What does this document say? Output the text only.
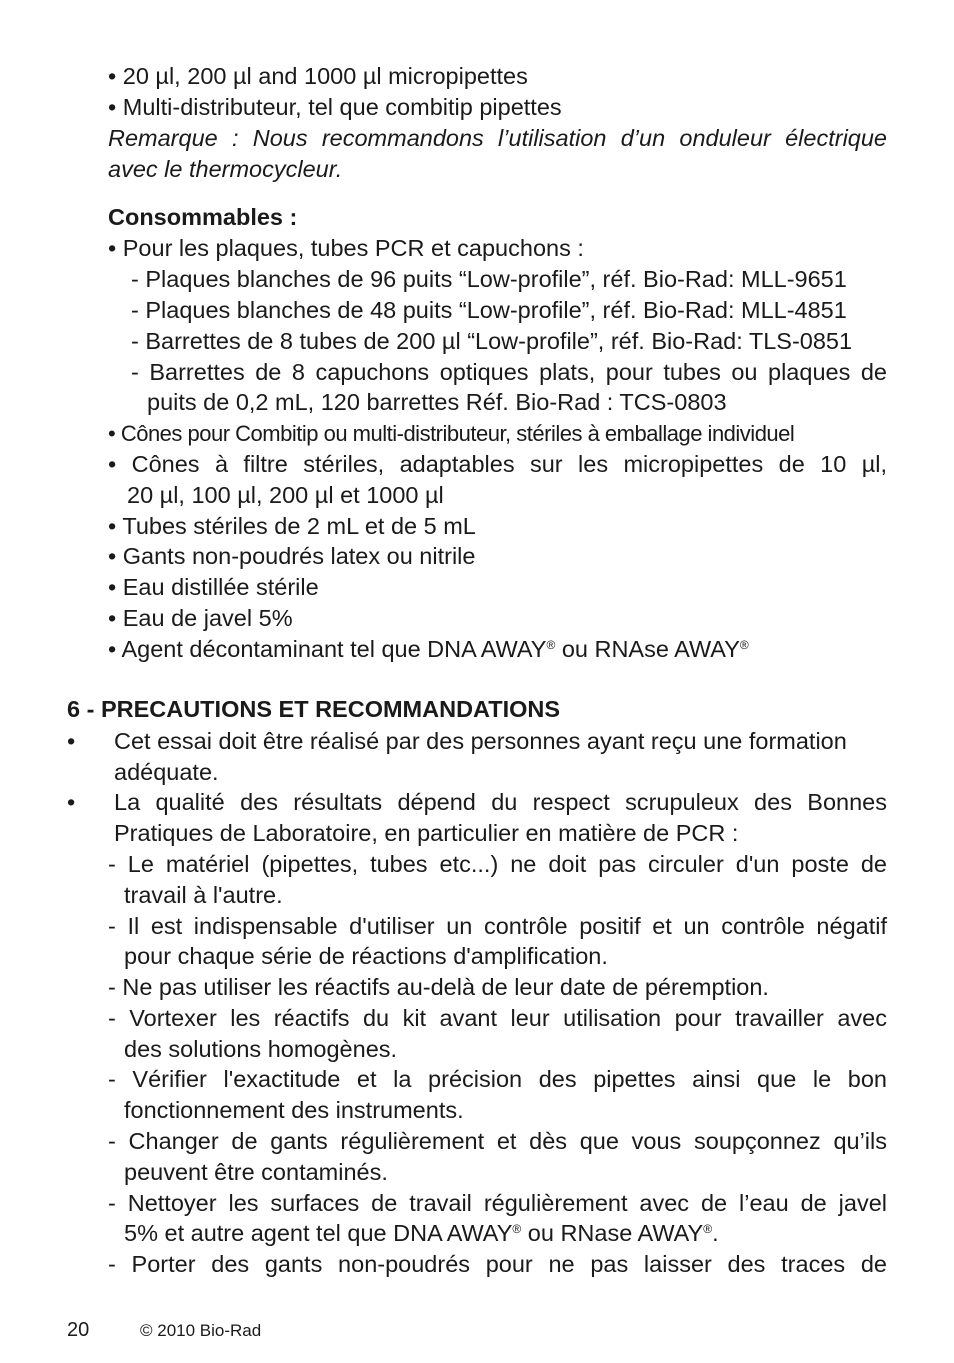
• 20 µl, 200 µl and 1000 µl micropipettes
• Multi-distributeur, tel que combitip pipettes
Remarque : Nous recommandons l’utilisation d’un onduleur électrique
avec le thermocycleur.
Consommables :
• Pour les plaques, tubes PCR et capuchons :
- Plaques blanches de 96 puits “Low-profile”, réf. Bio-Rad: MLL-9651
- Plaques blanches de 48 puits “Low-profile”, réf. Bio-Rad: MLL-4851
- Barrettes de 8 tubes de 200 µl “Low-profile”, réf. Bio-Rad: TLS-0851
- Barrettes de 8 capuchons optiques plats, pour tubes ou plaques de
puits de 0,2 mL, 120 barrettes Réf. Bio-Rad : TCS-0803
• Cônes pour Combitip ou multi-distributeur, stériles à emballage individuel
• Cônes à filtre stériles, adaptables sur les micropipettes de 10 µl,
20 µl, 100 µl, 200 µl et 1000 µl
• Tubes stériles de 2 mL et de 5 mL
• Gants non-poudrés latex ou nitrile
• Eau distillée stérile
• Eau de javel 5%
• Agent décontaminant tel que DNA AWAY® ou RNAse AWAY®
6 - PRECAUTIONS ET RECOMMANDATIONS
• Cet essai doit être réalisé par des personnes ayant reçu une formation
adéquate.
• La qualité des résultats dépend du respect scrupuleux des Bonnes
Pratiques de Laboratoire, en particulier en matière de PCR :
- Le matériel (pipettes, tubes etc...) ne doit pas circuler d'un poste de
travail à l'autre.
- Il est indispensable d'utiliser un contrôle positif et un contrôle négatif
pour chaque série de réactions d'amplification.
- Ne pas utiliser les réactifs au-delà de leur date de péremption.
- Vortexer les réactifs du kit avant leur utilisation pour travailler avec
des solutions homogènes.
- Vérifier l'exactitude et la précision des pipettes ainsi que le bon
fonctionnement des instruments.
- Changer de gants régulièrement et dès que vous soupçonnez qu’ils
peuvent être contaminés.
- Nettoyer les surfaces de travail régulièrement avec de l’eau de javel
5% et autre agent tel que DNA AWAY® ou RNase AWAY®.
- Porter des gants non-poudrés pour ne pas laisser des traces de
20	© 2010 Bio-Rad
